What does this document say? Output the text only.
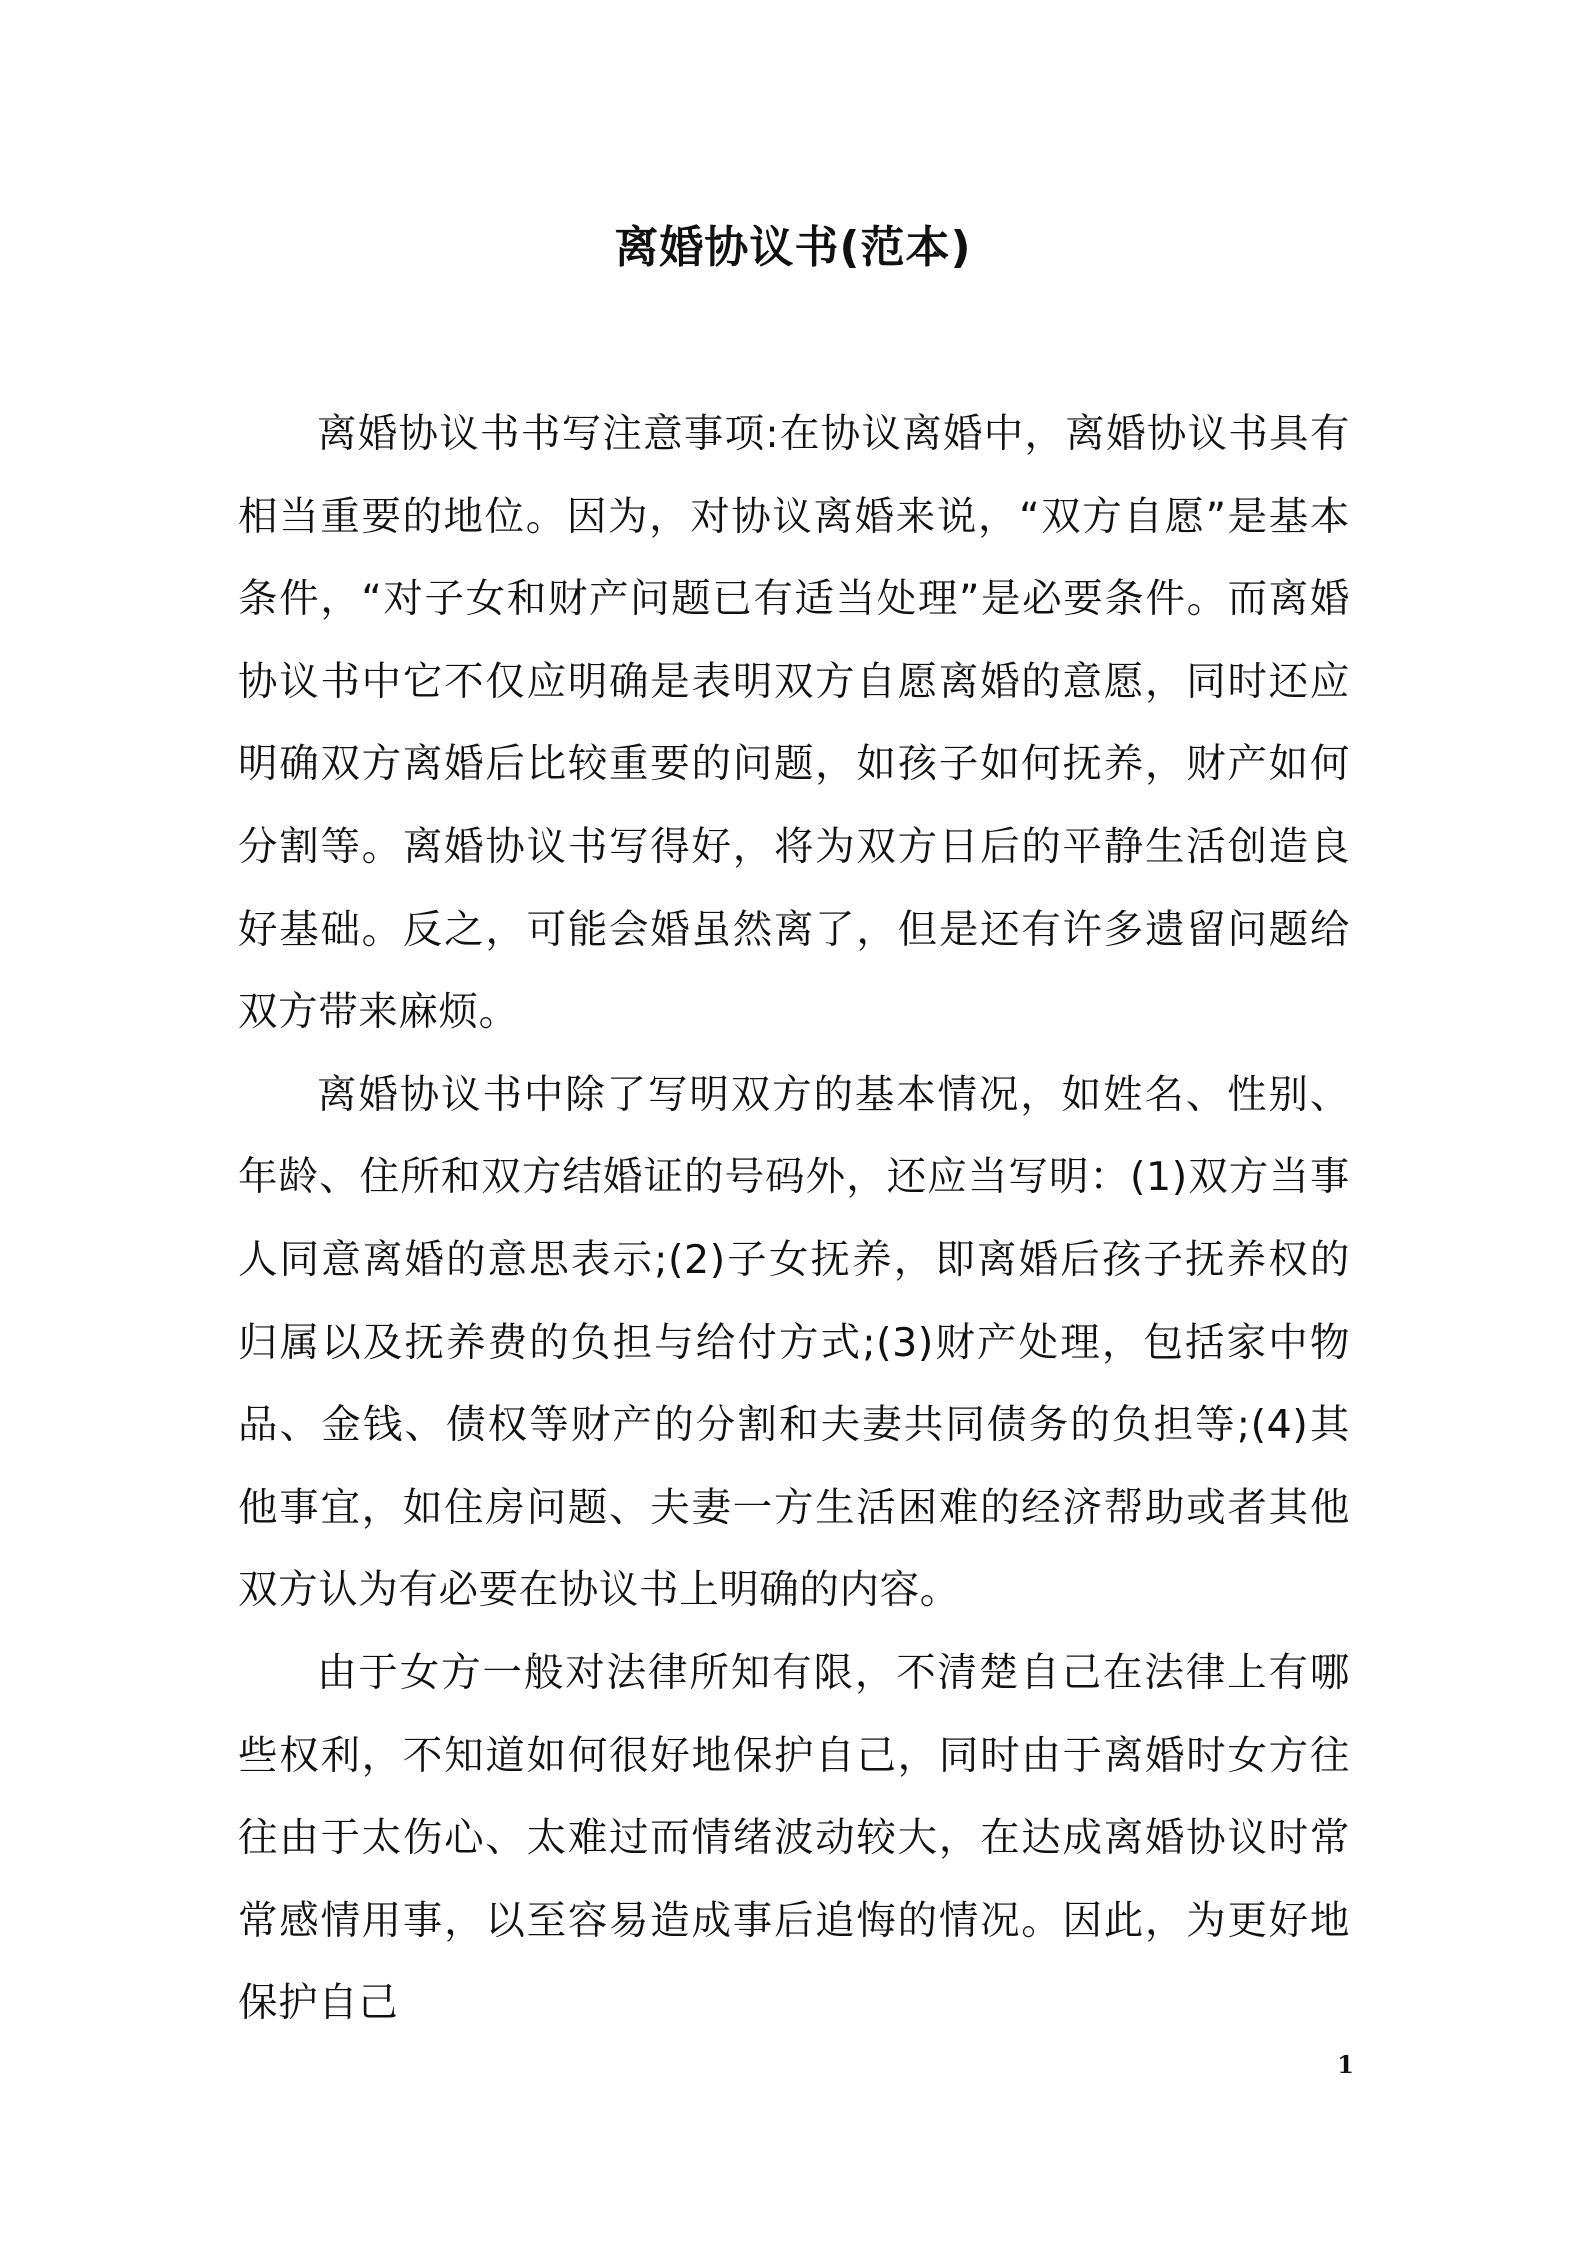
离婚协议书(范本)

离婚协议书书写注意事项:在协议离婚中，离婚协议书具有相当重要的地位。因为，对协议离婚来说，“双方自愿”是基本条件，“对子女和财产问题已有适当处理”是必要条件。而离婚协议书中它不仅应明确是表明双方自愿离婚的意愿，同时还应明确双方离婚后比较重要的问题，如孩子如何抚养，财产如何分割等。离婚协议书写得好，将为双方日后的平静生活创造良好基础。反之，可能会婚虽然离了，但是还有许多遗留问题给双方带来麻烦。

离婚协议书中除了写明双方的基本情况，如姓名、性别、年龄、住所和双方结婚证的号码外，还应当写明：(1)双方当事人同意离婚的意思表示;(2)子女抚养，即离婚后孩子抚养权的归属以及抚养费的负担与给付方式;(3)财产处理，包括家中物品、金钱、债权等财产的分割和夫妻共同债务的负担等;(4)其他事宜，如住房问题、夫妻一方生活困难的经济帮助或者其他双方认为有必要在协议书上明确的内容。

由于女方一般对法律所知有限，不清楚自己在法律上有哪些权利，不知道如何很好地保护自己，同时由于离婚时女方往往由于太伤心、太难过而情绪波动较大，在达成离婚协议时常常感情用事，以至容易造成事后追悔的情况。因此，为更好地保护自己

1
